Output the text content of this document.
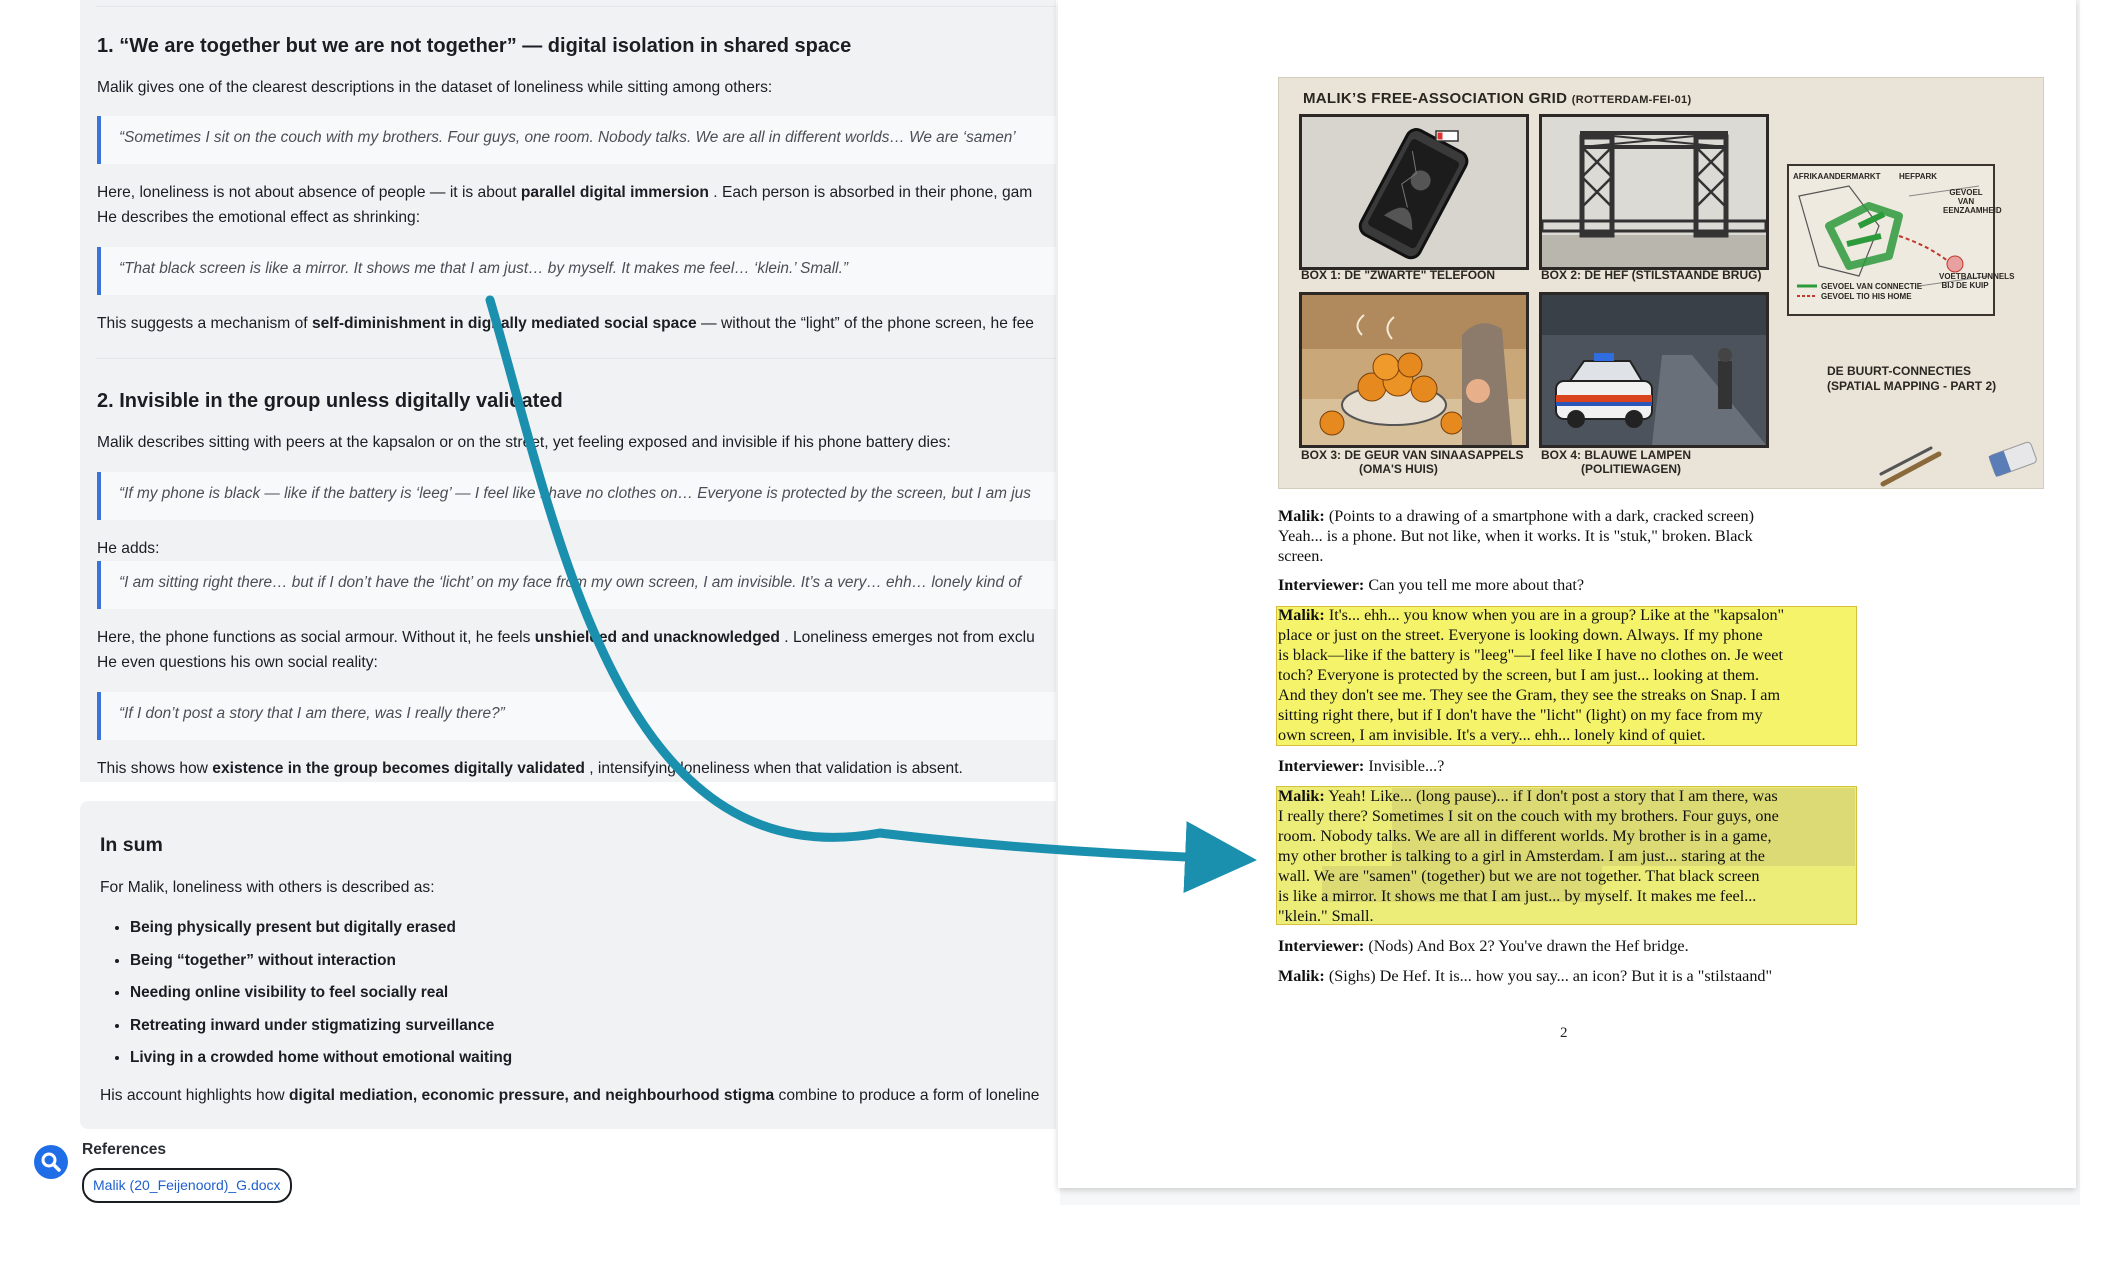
1. “We are together but we are not together” — digital isolation in shared space
Malik gives one of the clearest descriptions in the dataset of loneliness while sitting among others:
“Sometimes I sit on the couch with my brothers. Four guys, one room. Nobody talks. We are all in different worlds… We are ‘samen’
Here, loneliness is not about absence of people — it is about parallel digital immersion . Each person is absorbed in their phone, gam
He describes the emotional effect as shrinking:
“That black screen is like a mirror. It shows me that I am just… by myself. It makes me feel… ‘klein.’ Small.”
This suggests a mechanism of self-diminishment in digitally mediated social space — without the “light” of the phone screen, he fee
2. Invisible in the group unless digitally validated
Malik describes sitting with peers at the kapsalon or on the street, yet feeling exposed and invisible if his phone battery dies:
“If my phone is black — like if the battery is ‘leeg’ — I feel like I have no clothes on… Everyone is protected by the screen, but I am jus
He adds:
“I am sitting right there… but if I don’t have the ‘licht’ on my face from my own screen, I am invisible. It’s a very… ehh… lonely kind of
Here, the phone functions as social armour. Without it, he feels unshielded and unacknowledged . Loneliness emerges not from exclu
He even questions his own social reality:
“If I don’t post a story that I am there, was I really there?”
This shows how existence in the group becomes digitally validated , intensifying loneliness when that validation is absent.
In sum
For Malik, loneliness with others is described as:
• Being physically present but digitally erased
• Being “together” without interaction
• Needing online visibility to feel socially real
• Retreating inward under stigmatizing surveillance
• Living in a crowded home without emotional waiting
His account highlights how digital mediation, economic pressure, and neighbourhood stigma combine to produce a form of loneline
References
Malik (20_Feijenoord)_G.docx
MALIK’S FREE-ASSOCIATION GRID (ROTTERDAM-FEI-01)
BOX 1: DE "ZWARTE" TELEFOON	BOX 2: DE HEF (STILSTAANDE BRUG)
BOX 3: DE GEUR VAN SINAASAPPELS
(OMA'S HUIS)
BOX 4: BLAUWE LAMPEN
(POLITIEWAGEN)
AFRIKAANDERMARKT HEFPARK
GEVOEL VAN EENZAAMHEID
GEVOEL VAN CONNECTIE
GEVOEL TIO HIS HOME
VOETBALTUNNELS BIJ DE KUIP
DE BUURT-CONNECTIES
(SPATIAL MAPPING - PART 2)
Malik: (Points to a drawing of a smartphone with a dark, cracked screen)
Yeah... is a phone. But not like, when it works. It is "stuk," broken. Black
screen.
Interviewer: Can you tell me more about that?
Malik: It's... ehh... you know when you are in a group? Like at the "kapsalon"
place or just on the street. Everyone is looking down. Always. If my phone
is black—like if the battery is "leeg"—I feel like I have no clothes on. Je weet
toch? Everyone is protected by the screen, but I am just... looking at them.
And they don't see me. They see the Gram, they see the streaks on Snap. I am
sitting right there, but if I don't have the "licht" (light) on my face from my
own screen, I am invisible. It's a very... ehh... lonely kind of quiet.
Interviewer: Invisible...?
Malik: Yeah! Like... (long pause)... if I don't post a story that I am there, was
I really there? Sometimes I sit on the couch with my brothers. Four guys, one
room. Nobody talks. We are all in different worlds. My brother is in a game,
my other brother is talking to a girl in Amsterdam. I am just... staring at the
wall. We are "samen" (together) but we are not together. That black screen
is like a mirror. It shows me that I am just... by myself. It makes me feel...
"klein." Small.
Interviewer: (Nods) And Box 2? You've drawn the Hef bridge.
Malik: (Sighs) De Hef. It is... how you say... an icon? But it is a "stilstaand"
2
